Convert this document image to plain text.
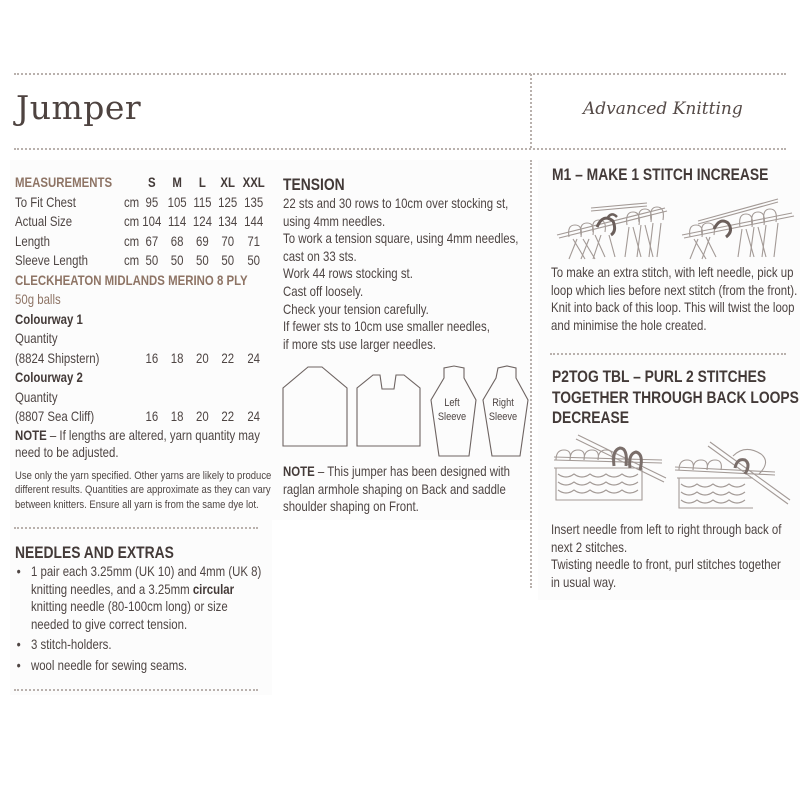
Jumper	Advanced Knitting
MEASUREMENTS		S	M	L	XL	XXL
To Fit Chest	cm	95	105	115	125	135
Actual Size	cm	104	114	124	134	144
Length	cm	67	68	69	70	71
Sleeve Length	cm	50	50	50	50	50
CLECKHEATON MIDLANDS MERINO 8 PLY						
50g balls						
Colourway 1						
Quantity						
(8824 Shipstern)		16	18	20	22	24
Colourway 2						
Quantity						
(8807 Sea Cliff)		16	18	20	22	24
NOTE – If lengths are altered, yarn quantity may
need to be adjusted.
Use only the yarn specified. Other yarns are likely to produce
different results. Quantities are approximate as they can vary
between knitters. Ensure all yarn is from the same dye lot.
NEEDLES AND EXTRAS
• 1 pair each 3.25mm (UK 10) and 4mm (UK 8)
knitting needles, and a 3.25mm circular
knitting needle (80-100cm long) or size
needed to give correct tension.
• 3 stitch-holders.
• wool needle for sewing seams.
TENSION
22 sts and 30 rows to 10cm over stocking st,
using 4mm needles.
To work a tension square, using 4mm needles,
cast on 33 sts.
Work 44 rows stocking st.
Cast off loosely.
Check your tension carefully.
If fewer sts to 10cm use smaller needles,
if more sts use larger needles.
Left
Sleeve
Right
Sleeve
NOTE – This jumper has been designed with
raglan armhole shaping on Back and saddle
shoulder shaping on Front.
M1 – MAKE 1 STITCH INCREASE
To make an extra stitch, with left needle, pick up
loop which lies before next stitch (from the front).
Knit into back of this loop. This will twist the loop
and minimise the hole created.
P2TOG TBL – PURL 2 STITCHES
TOGETHER THROUGH BACK LOOPS
DECREASE
Insert needle from left to right through back of
next 2 stitches.
Twisting needle to front, purl stitches together
in usual way.
